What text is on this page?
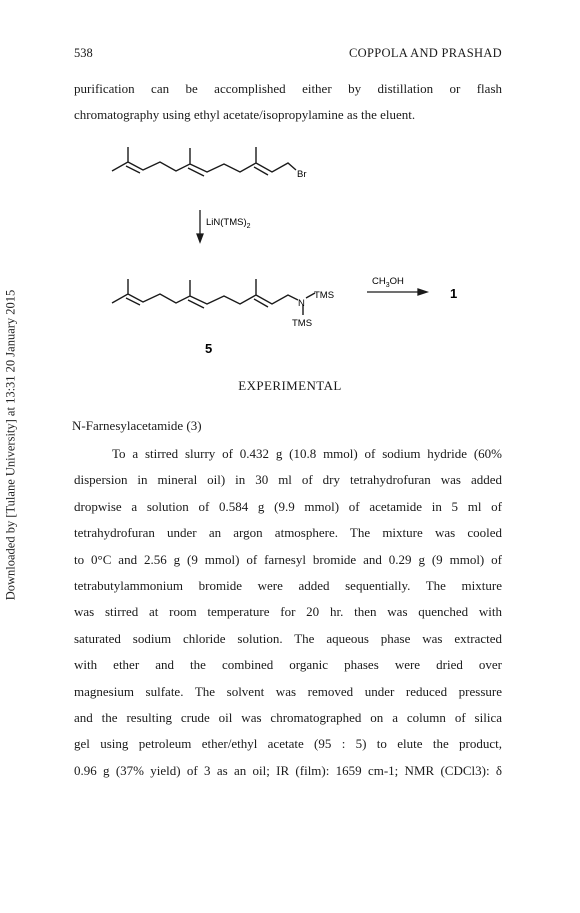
Downloaded by [Tulane University] at 13:31 20 January 2015
538	COPPOLA AND PRASHAD
purification can be accomplished either by distillation or flash
chromatography using ethyl acetate/isopropylamine as the eluent.
Br
$LiN(TMS)_2$
N
TMS
TMS
5
$CH_3OH$
1
EXPERIMENTAL
N-Farnesylacetamide (3)
To a stirred slurry of 0.432 g (10.8 mmol) of sodium hydride (60%
dispersion in mineral oil) in 30 ml of dry tetrahydrofuran was added
dropwise a solution of 0.584 g (9.9 mmol) of acetamide in 5 ml of
tetrahydrofuran under an argon atmosphere. The mixture was cooled
to 0°C and 2.56 g (9 mmol) of farnesyl bromide and 0.29 g (9 mmol) of
tetrabutylammonium bromide were added sequentially. The mixture
was stirred at room temperature for 20 hr. then was quenched with
saturated sodium chloride solution. The aqueous phase was extracted
with ether and the combined organic phases were dried over
magnesium sulfate. The solvent was removed under reduced pressure
and the resulting crude oil was chromatographed on a column of silica
gel using petroleum ether/ethyl acetate (95 : 5) to elute the product,
0.96 g (37% yield) of 3 as an oil; IR (film): 1659 cm-1; NMR (CDCl3): δ
